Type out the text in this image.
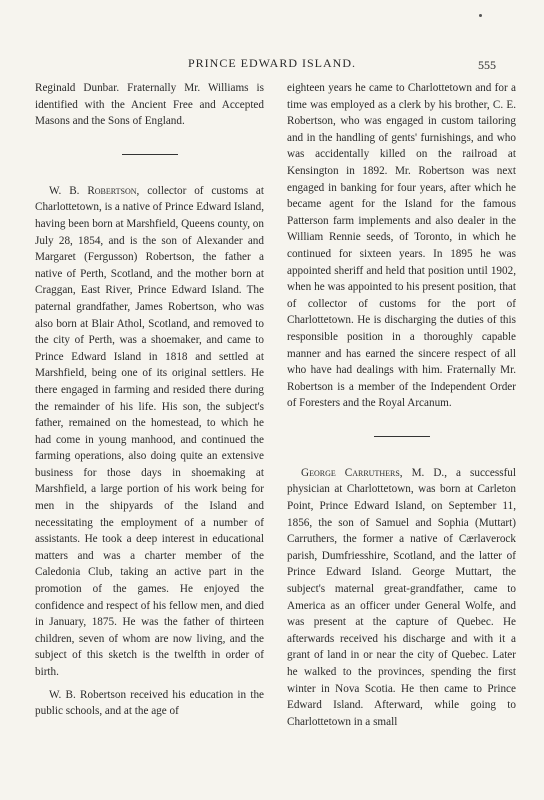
PRINCE EDWARD ISLAND.	555

Reginald Dunbar. Fraternally Mr. Williams is identified with the Ancient Free and Accepted Masons and the Sons of England.

W. B. Robertson, collector of customs at Charlottetown, is a native of Prince Edward Island, having been born at Marshfield, Queens county, on July 28, 1854, and is the son of Alexander and Margaret (Fergusson) Robertson, the father a native of Perth, Scotland, and the mother born at Craggan, East River, Prince Edward Island. The paternal grandfather, James Robertson, who was also born at Blair Athol, Scotland, and removed to the city of Perth, was a shoemaker, and came to Prince Edward Island in 1818 and settled at Marshfield, being one of its original settlers. He there engaged in farming and resided there during the remainder of his life. His son, the subject's father, remained on the homestead, to which he had come in young manhood, and continued the farming operations, also doing quite an extensive business for those days in shoemaking at Marshfield, a large portion of his work being for men in the shipyards of the Island and necessitating the employment of a number of assistants. He took a deep interest in educational matters and was a charter member of the Caledonia Club, taking an active part in the promotion of the games. He enjoyed the confidence and respect of his fellow men, and died in January, 1875. He was the father of thirteen children, seven of whom are now living, and the subject of this sketch is the twelfth in order of birth.

W. B. Robertson received his education in the public schools, and at the age of

eighteen years he came to Charlottetown and for a time was employed as a clerk by his brother, C. E. Robertson, who was engaged in custom tailoring and in the handling of gents' furnishings, and who was accidentally killed on the railroad at Kensington in 1892. Mr. Robertson was next engaged in banking for four years, after which he became agent for the Island for the famous Patterson farm implements and also dealer in the William Rennie seeds, of Toronto, in which he continued for sixteen years. In 1895 he was appointed sheriff and held that position until 1902, when he was appointed to his present position, that of collector of customs for the port of Charlottetown. He is discharging the duties of this responsible position in a thoroughly capable manner and has earned the sincere respect of all who have had dealings with him. Fraternally Mr. Robertson is a member of the Independent Order of Foresters and the Royal Arcanum.

George Carruthers, M. D., a successful physician at Charlottetown, was born at Carleton Point, Prince Edward Island, on September 11, 1856, the son of Samuel and Sophia (Muttart) Carruthers, the former a native of Cærlaverock parish, Dumfriesshire, Scotland, and the latter of Prince Edward Island. George Muttart, the subject's maternal great-grandfather, came to America as an officer under General Wolfe, and was present at the capture of Quebec. He afterwards received his discharge and with it a grant of land in or near the city of Quebec. Later he walked to the provinces, spending the first winter in Nova Scotia. He then came to Prince Edward Island. Afterward, while going to Charlottetown in a small
